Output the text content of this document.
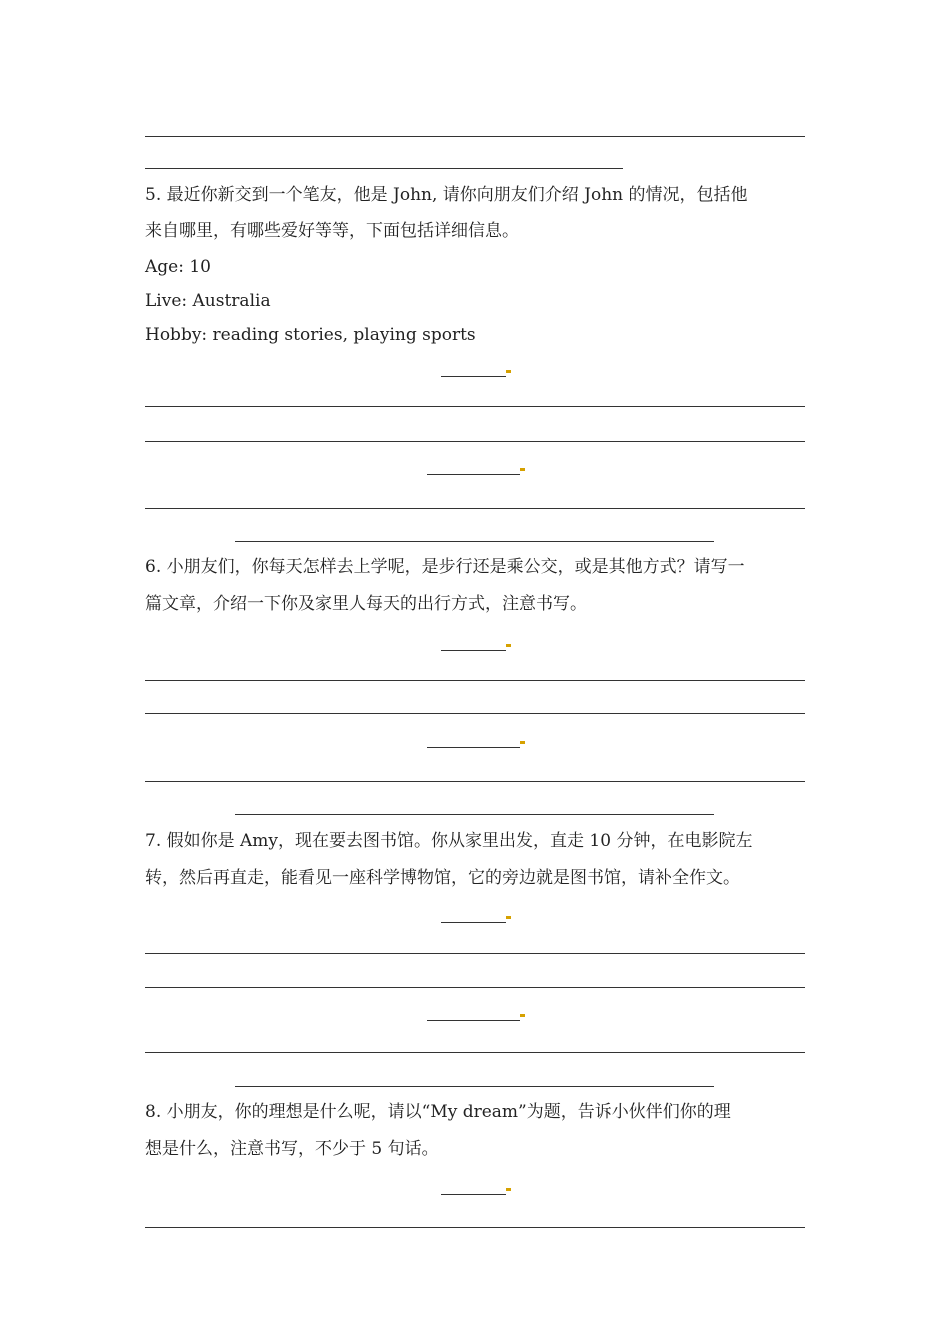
5. 最近你新交到一个笔友，他是 John, 请你向朋友们介绍 John 的情况，包括他
来自哪里，有哪些爱好等等，下面包括详细信息。
Age: 10
Live: Australia
Hobby: reading stories, playing sports
6. 小朋友们，你每天怎样去上学呢，是步行还是乘公交，或是其他方式？请写一
篇文章，介绍一下你及家里人每天的出行方式，注意书写。
7. 假如你是 Amy，现在要去图书馆。你从家里出发，直走 10 分钟，在电影院左
转，然后再直走，能看见一座科学博物馆，它的旁边就是图书馆，请补全作文。
8. 小朋友，你的理想是什么呢，请以“My dream”为题，告诉小伙伴们你的理
想是什么，注意书写，不少于 5 句话。
